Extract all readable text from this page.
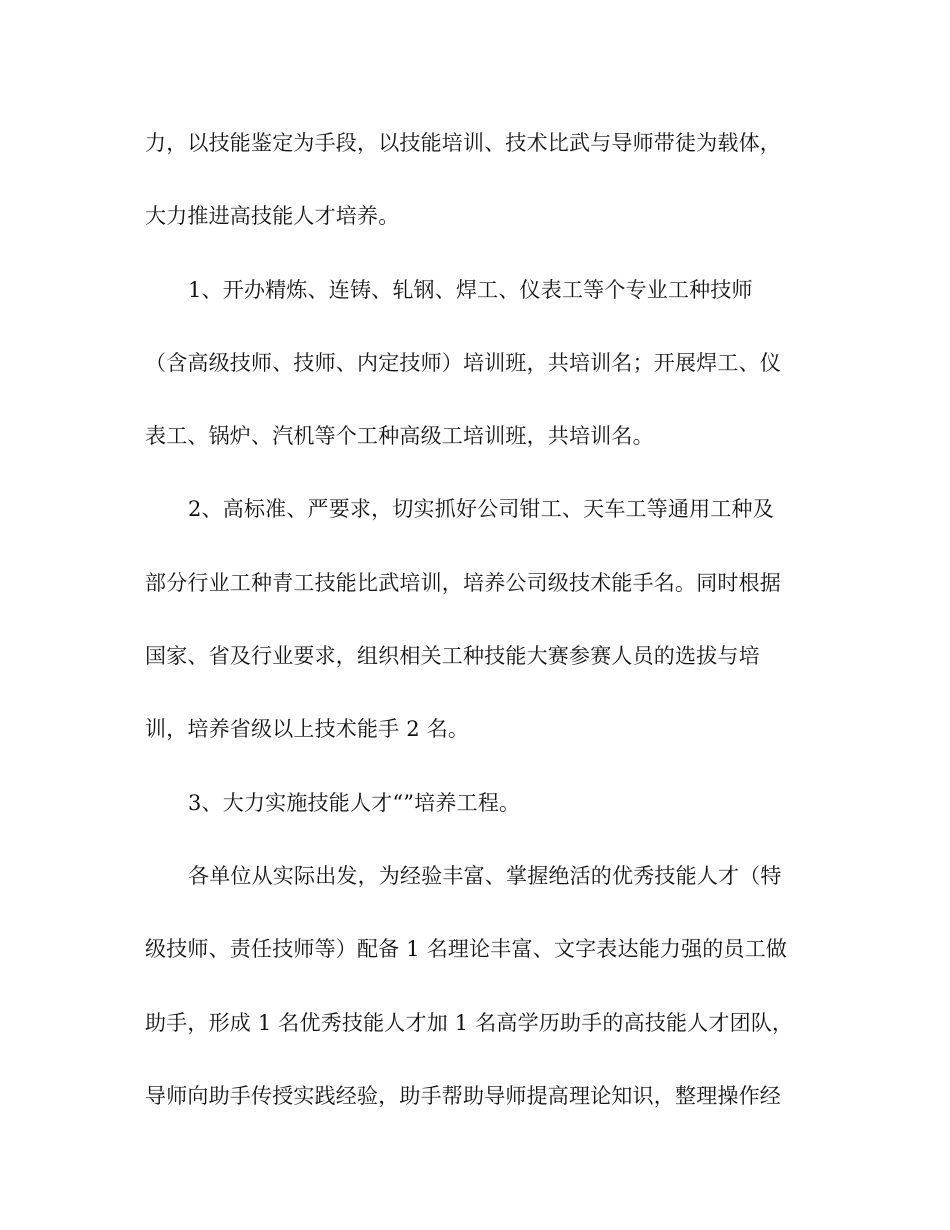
力，以技能鉴定为手段，以技能培训、技术比武与导师带徒为载体，
大力推进高技能人才培养。
1、开办精炼、连铸、轧钢、焊工、仪表工等个专业工种技师
（含高级技师、技师、内定技师）培训班，共培训名；开展焊工、仪
表工、锅炉、汽机等个工种高级工培训班，共培训名。
2、高标准、严要求，切实抓好公司钳工、天车工等通用工种及
部分行业工种青工技能比武培训，培养公司级技术能手名。同时根据
国家、省及行业要求，组织相关工种技能大赛参赛人员的选拔与培
训，培养省级以上技术能手 2 名。
3、大力实施技能人才“”培养工程。
各单位从实际出发，为经验丰富、掌握绝活的优秀技能人才（特
级技师、责任技师等）配备 1 名理论丰富、文字表达能力强的员工做
助手，形成 1 名优秀技能人才加 1 名高学历助手的高技能人才团队，
导师向助手传授实践经验，助手帮助导师提高理论知识，整理操作经
